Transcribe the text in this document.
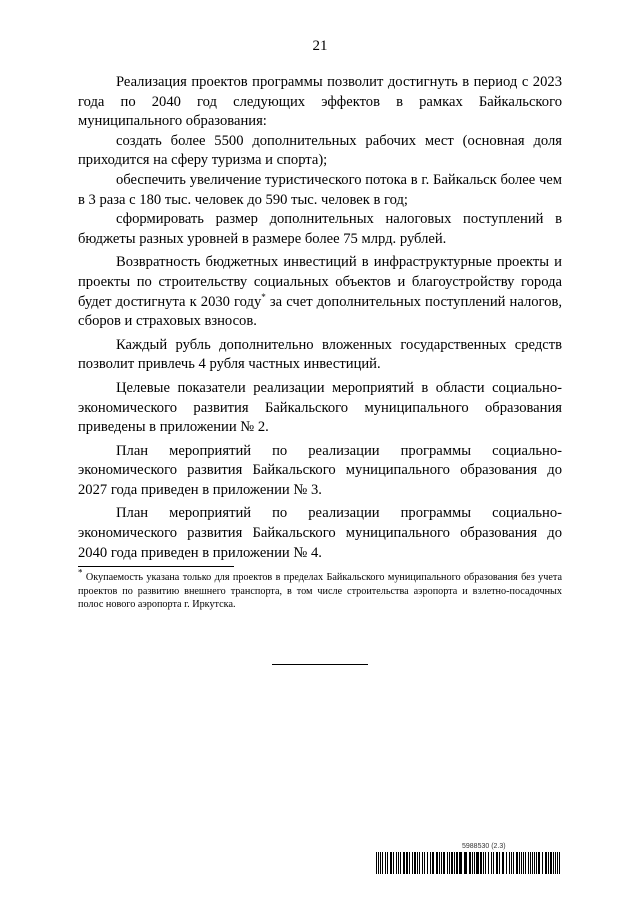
21

Реализация проектов программы позволит достигнуть в период с 2023 года по 2040 год следующих эффектов в рамках Байкальского муниципального образования:

создать более 5500 дополнительных рабочих мест (основная доля приходится на сферу туризма и спорта);

обеспечить увеличение туристического потока в г. Байкальск более чем в 3 раза с 180 тыс. человек до 590 тыс. человек в год;

сформировать размер дополнительных налоговых поступлений в бюджеты разных уровней в размере более 75 млрд. рублей.

Возвратность бюджетных инвестиций в инфраструктурные проекты и проекты по строительству социальных объектов и благоустройству города будет достигнута к 2030 году* за счет дополнительных поступлений налогов, сборов и страховых взносов.

Каждый рубль дополнительно вложенных государственных средств позволит привлечь 4 рубля частных инвестиций.

Целевые показатели реализации мероприятий в области социально-экономического развития Байкальского муниципального образования приведены в приложении № 2.

План мероприятий по реализации программы социально-экономического развития Байкальского муниципального образования до 2027 года приведен в приложении № 3.

План мероприятий по реализации программы социально-экономического развития Байкальского муниципального образования до 2040 года приведен в приложении № 4.

* Окупаемость указана только для проектов в пределах Байкальского муниципального образования без учета проектов по развитию внешнего транспорта, в том числе строительства аэропорта и взлетно-посадочных полос нового аэропорта г. Иркутска.

5988530 (2.3)
